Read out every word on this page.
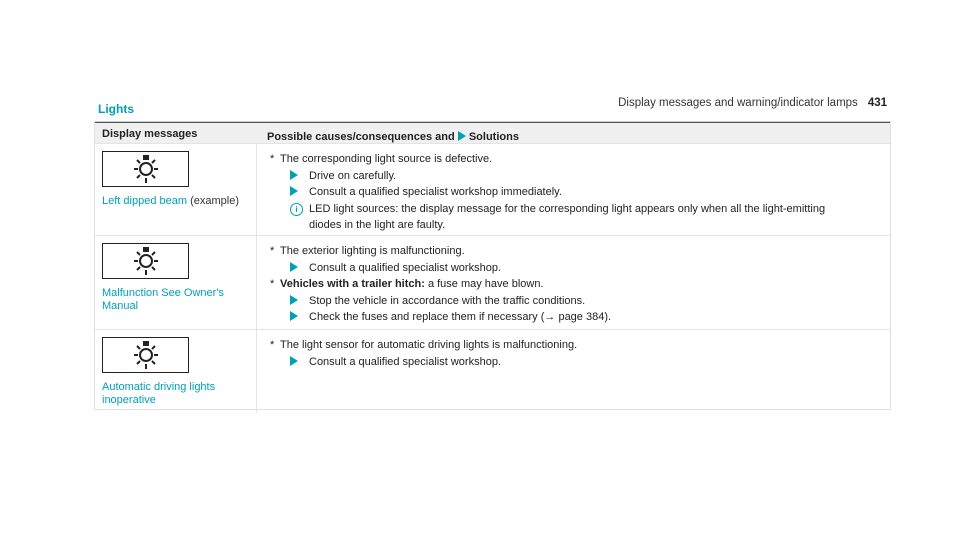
Display messages and warning/indicator lamps 431
Lights
Display messages	Possible causes/consequences and Solutions
Left dipped beam (example)
* The corresponding light source is defective.
Drive on carefully.
Consult a qualified specialist workshop immediately.
i	LED light sources: the display message for the corresponding light appears only when all the light-emitting
diodes in the light are faulty.
Malfunction See Owner's
Manual
* The exterior lighting is malfunctioning.
Consult a qualified specialist workshop.
* Vehicles with a trailer hitch: a fuse may have blown.
Stop the vehicle in accordance with the traffic conditions.
Check the fuses and replace them if necessary (→ page 384).
Automatic driving lights
inoperative
* The light sensor for automatic driving lights is malfunctioning.
Consult a qualified specialist workshop.
